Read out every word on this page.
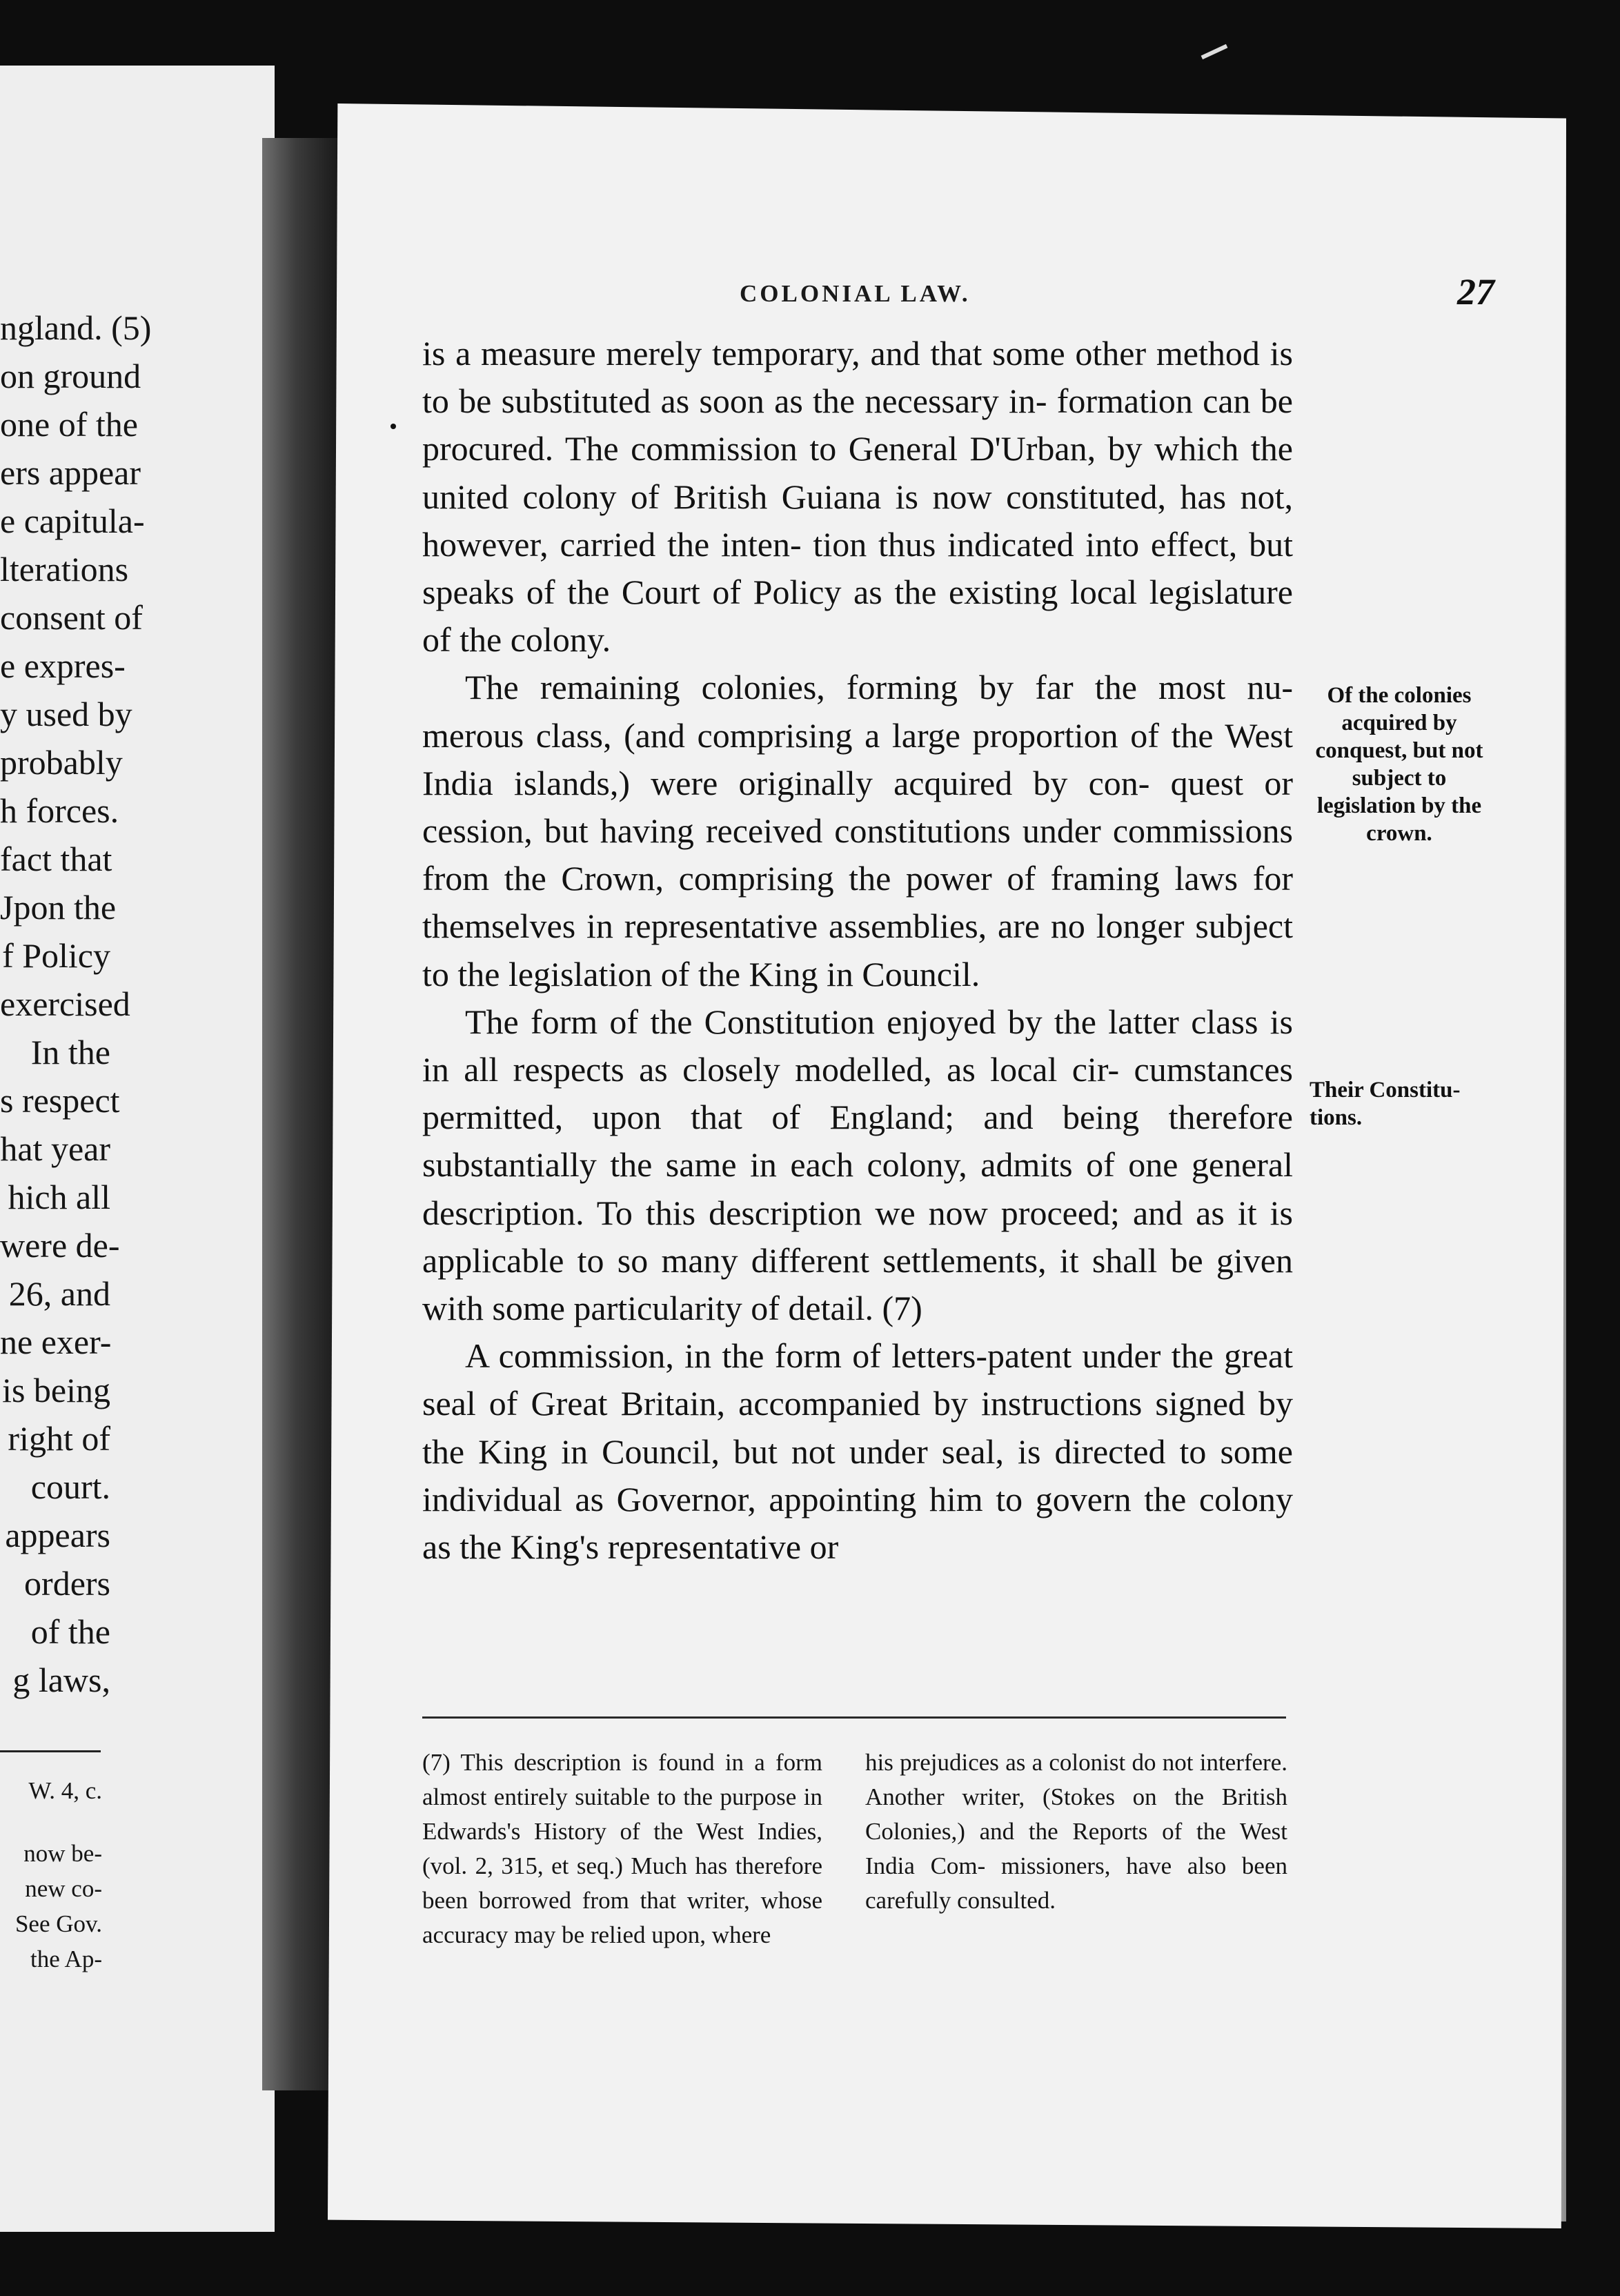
ngland. (5)
on ground
one of the
ers appear
e capitula-
lterations
consent of
e expres-
y used by
probably
h forces.
fact that
Jpon the
f Policy
exercised
In the
s respect
hat year
hich all
were de-
26, and
ne exer-
is being
right of
court.
appears
orders
of the
g laws,
W. 4, c.
now be-
new co-
See Gov.
the Ap-
COLONIAL LAW.	27

is a measure merely temporary, and that some other method is to be substituted as soon as the necessary in- formation can be procured. The commission to General D'Urban, by which the united colony of British Guiana is now constituted, has not, however, carried the inten- tion thus indicated into effect, but speaks of the Court of Policy as the existing local legislature of the colony.

The remaining colonies, forming by far the most nu- merous class, (and comprising a large proportion of the West India islands,) were originally acquired by con- quest or cession, but having received constitutions under commissions from the Crown, comprising the power of framing laws for themselves in representative assemblies, are no longer subject to the legislation of the King in Council.

The form of the Constitution enjoyed by the latter class is in all respects as closely modelled, as local cir- cumstances permitted, upon that of England; and being therefore substantially the same in each colony, admits of one general description. To this description we now proceed; and as it is applicable to so many different settlements, it shall be given with some particularity of detail. (7)

A commission, in the form of letters-patent under the great seal of Great Britain, accompanied by instructions signed by the King in Council, but not under seal, is directed to some individual as Governor, appointing him to govern the colony as the King's representative or

Of the colonies acquired by conquest, but not subject to legislation by the crown.
Their Constitu- tions.
(7) This description is found in a form almost entirely suitable to the purpose in Edwards's History of the West Indies, (vol. 2, 315, et seq.) Much has therefore been borrowed from that writer, whose accuracy may be relied upon, where
his prejudices as a colonist do not interfere. Another writer, (Stokes on the British Colonies,) and the Reports of the West India Com- missioners, have also been carefully consulted.
